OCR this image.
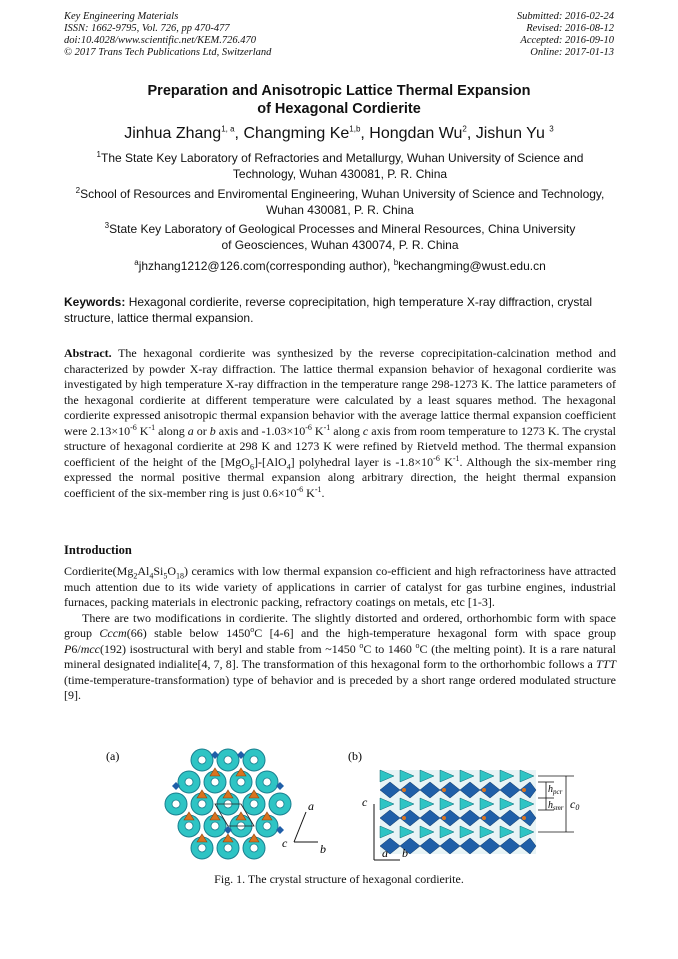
Key Engineering Materials
ISSN: 1662-9795, Vol. 726, pp 470-477
doi:10.4028/www.scientific.net/KEM.726.470
© 2017 Trans Tech Publications Ltd, Switzerland
Submitted: 2016-02-24
Revised: 2016-08-12
Accepted: 2016-09-10
Online: 2017-01-13
Preparation and Anisotropic Lattice Thermal Expansion
of Hexagonal Cordierite
Jinhua Zhang$^{1, a}$, Changming Ke$^{1,b}$, Hongdan Wu$^2$, Jishun Yu $^3$
$^1$The State Key Laboratory of Refractories and Metallurgy, Wuhan University of Science and
Technology, Wuhan 430081, P. R. China
$^2$School of Resources and Enviromental Engineering, Wuhan University of Science and Technology,
Wuhan 430081, P. R. China
$^3$State Key Laboratory of Geological Processes and Mineral Resources, China University
of Geosciences, Wuhan 430074, P. R. China
$^a$jhzhang1212@126.com(corresponding author), $^b$kechangming@wust.edu.cn
Keywords: Hexagonal cordierite, reverse coprecipitation, high temperature X-ray diffraction, crystal structure, lattice thermal expansion.
Abstract. The hexagonal cordierite was synthesized by the reverse coprecipitation-calcination method and characterized by powder X-ray diffraction. The lattice thermal expansion behavior of hexagonal cordierite was investigated by high temperature X-ray diffraction in the temperature range 298-1273 K. The lattice parameters of the hexagonal cordierite at different temperature were calculated by a least squares method. The hexagonal cordierite expressed anisotropic thermal expansion behavior with the average lattice thermal expansion coefficient were $2.13\times 10^{-6}$ $K^{-1}$ along a or b axis and $-1.03\times 10^{-6}$ $K^{-1}$ along c axis from room temperature to 1273 K. The crystal structure of hexagonal cordierite at 298 K and 1273 K were refined by Rietveld method. The thermal expansion coefficient of the height of the [MgO$_6$]-[AlO$_4$] polyhedral layer is $-1.8\times 10^{-6}$ $K^{-1}$. Although the six-member ring expressed the normal positive thermal expansion along arbitrary direction, the height thermal expansion coefficient of the six-member ring is just $0.6\times 10^{-6}$ $K^{-1}$.
Introduction
$Cordierite(Mg_2Al_4Si_5O_{18})$ ceramics with low thermal expansion co-efficient and high refractoriness have attracted much attention due to its wide variety of applications in carrier of catalyst for gas turbine engines, industrial furnaces, packing materials in electronic packing, refractory coatings on metals, etc [1-3].
There are two modifications in cordierite. The slightly distorted and ordered, orthorhombic form with space group Cccm(66) stable below 1450$^o$C [4-6] and the high-temperature hexagonal form with space group P6/mcc(192) isostructural with beryl and stable from ~1450 $^o$C to 1460 $^o$C (the melting point). It is a rare natural mineral designated indialite[4, 7, 8]. The transformation of this hexagonal form to the orthorhombic follows a TTT (time-temperature-transformation) type of behavior and is preceded by a short range ordered modulated structure [9].
(a)
a
b
c
(b)
$h_{pcr}$
$h_{smr}$ c0
c
a b
Fig. 1. The crystal structure of hexagonal cordierite.
